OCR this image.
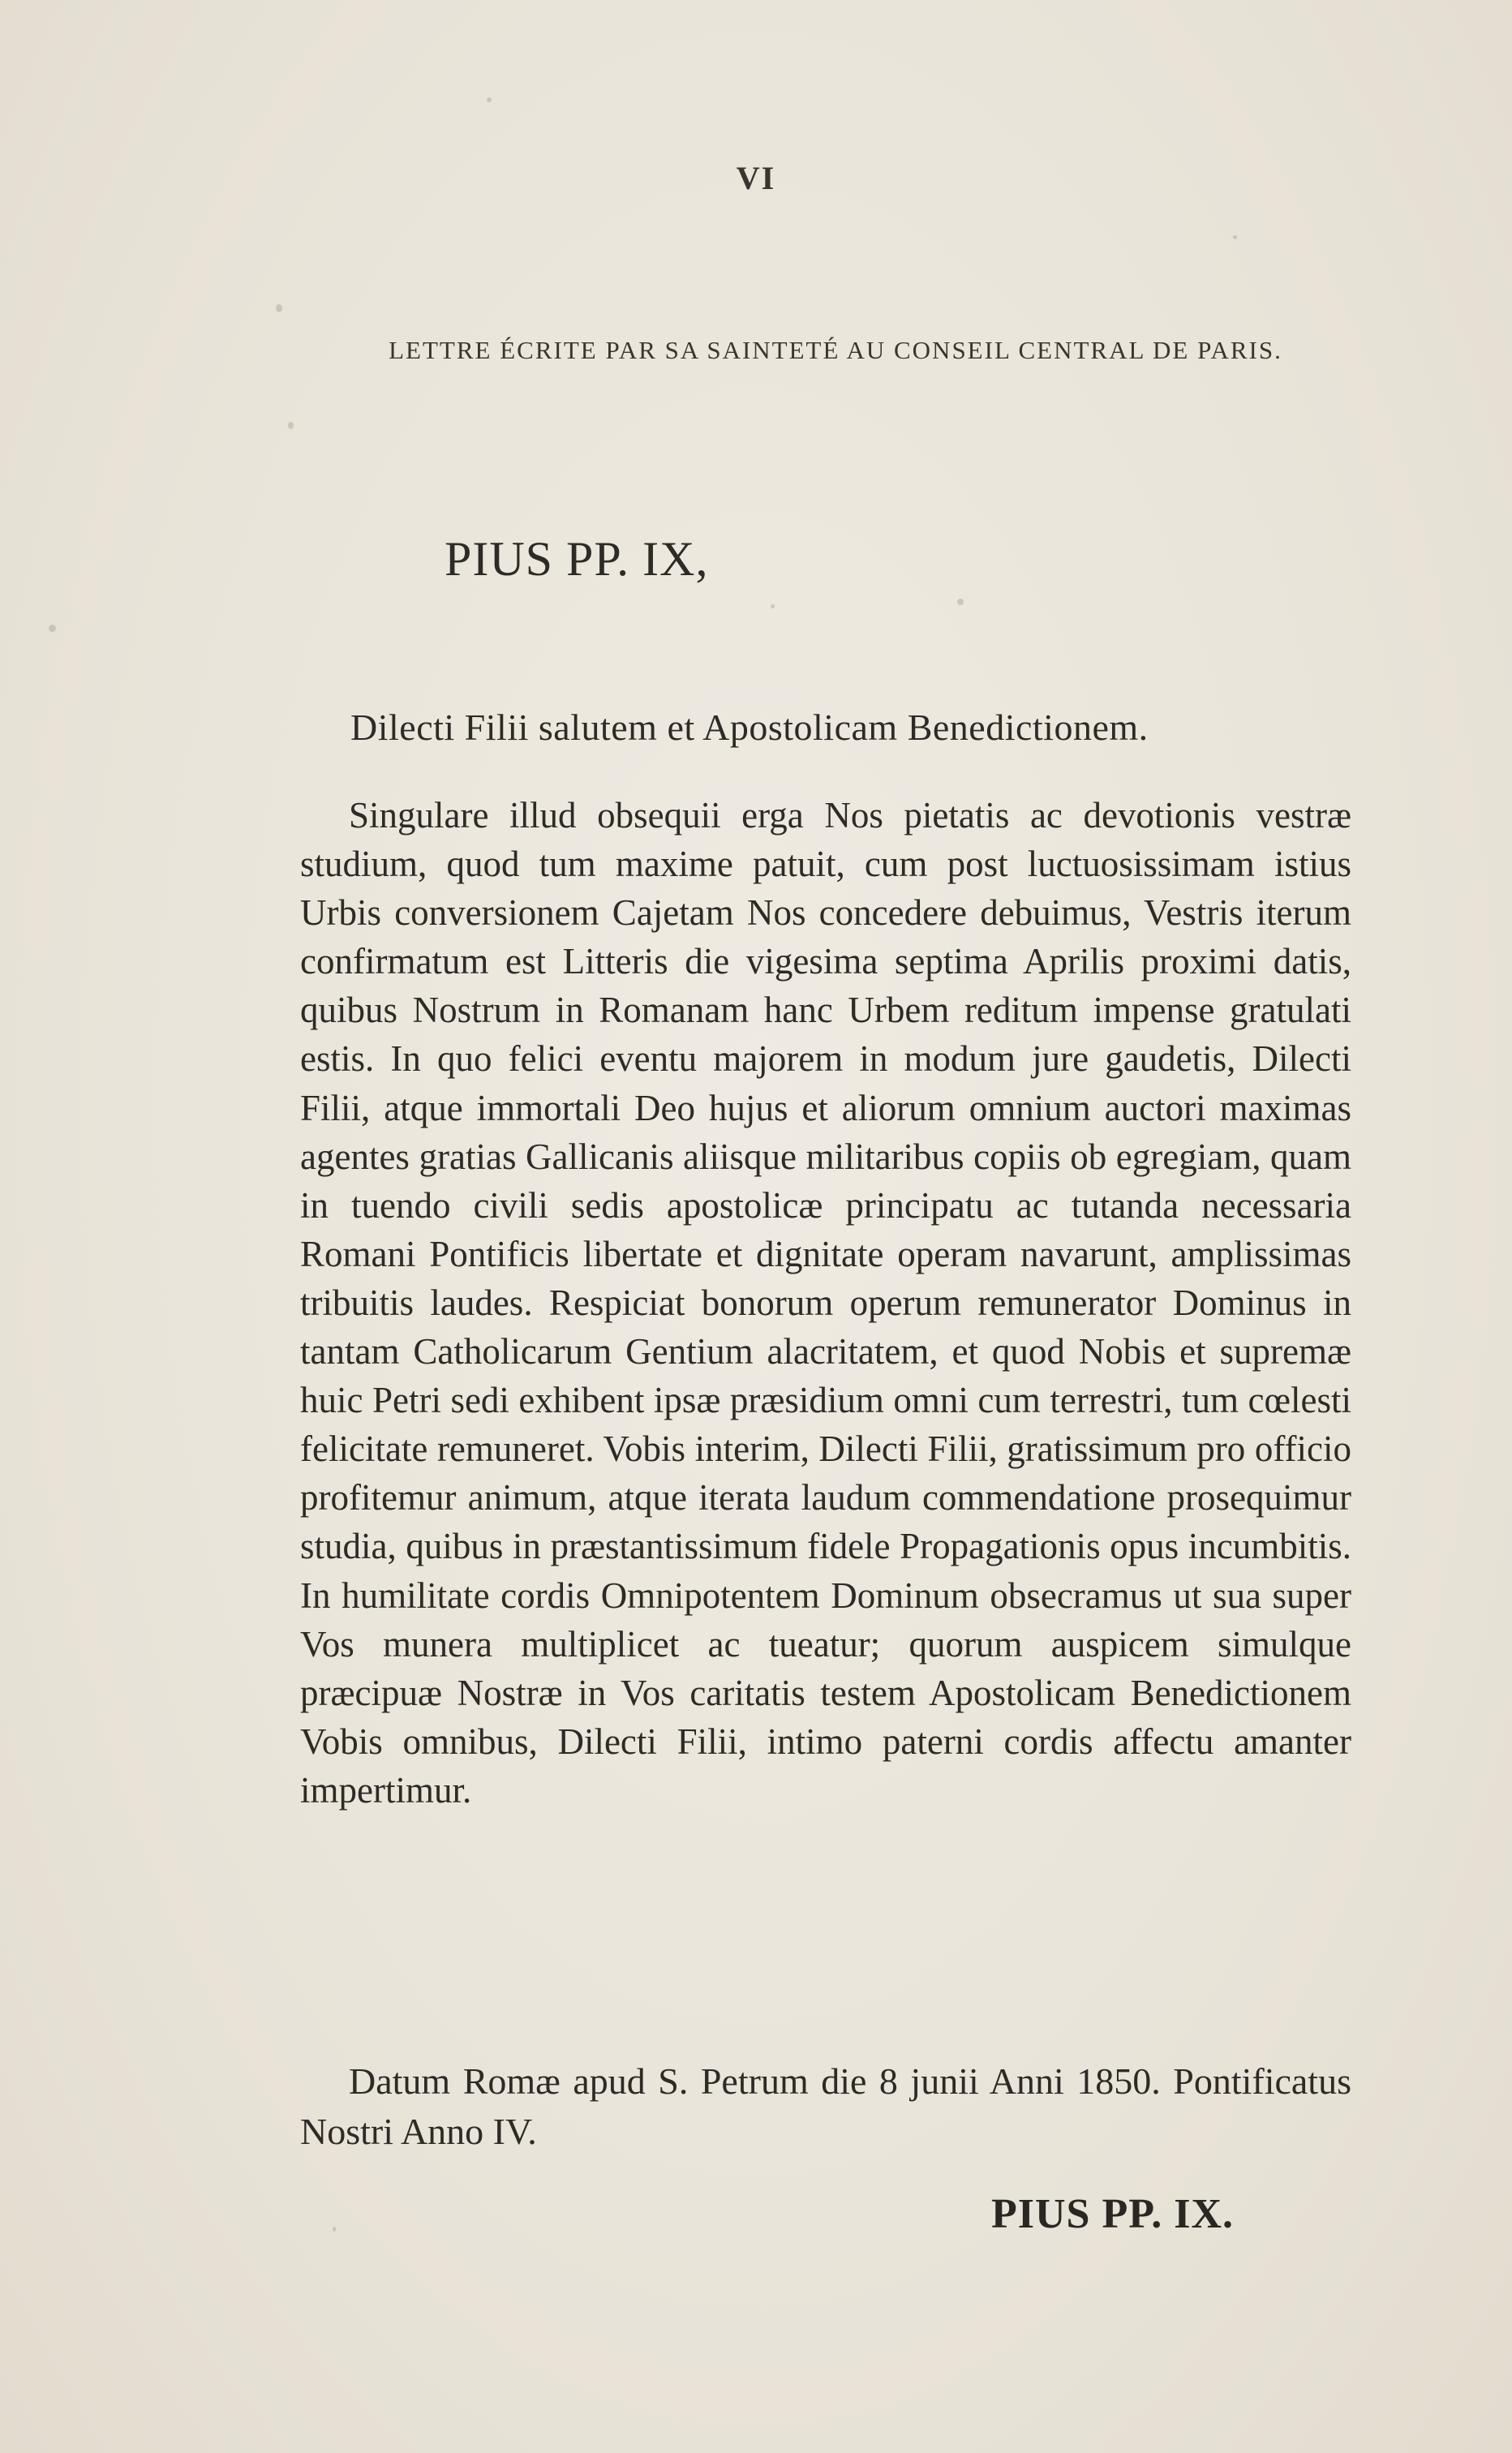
VI
LETTRE ÉCRITE PAR SA SAINTETÉ AU CONSEIL CENTRAL DE PARIS.
PIUS PP. IX,
Dilecti Filii salutem et Apostolicam Benedictionem.

Singulare illud obsequii erga Nos pietatis ac devotionis vestræ studium, quod tum maxime patuit, cum post luctuosissimam istius Urbis conversionem Cajetam Nos concedere debuimus, Vestris iterum confirmatum est Litteris die vigesima septima Aprilis proximi datis, quibus Nostrum in Romanam hanc Urbem reditum impense gratulati estis. In quo felici eventu majorem in modum jure gaudetis, Dilecti Filii, atque immortali Deo hujus et aliorum omnium auctori maximas agentes gratias Gallicanis aliisque militaribus copiis ob egregiam, quam in tuendo civili sedis apostolicæ principatu ac tutanda necessaria Romani Pontificis libertate et dignitate operam navarunt, amplissimas tribuitis laudes. Respiciat bonorum operum remunerator Dominus in tantam Catholicarum Gentium alacritatem, et quod Nobis et supremæ huic Petri sedi exhibent ipsæ præsidium omni cum terrestri, tum cœlesti felicitate remuneret. Vobis interim, Dilecti Filii, gratissimum pro officio profitemur animum, atque iterata laudum commendatione prosequimur studia, quibus in præstantissimum fidele Propagationis opus incumbitis. In humilitate cordis Omnipotentem Dominum obsecramus ut sua super Vos munera multiplicet ac tueatur; quorum auspicem simulque præcipuæ Nostræ in Vos caritatis testem Apostolicam Benedictionem Vobis omnibus, Dilecti Filii, intimo paterni cordis affectu amanter impertimur.

Datum Romæ apud S. Petrum die 8 junii Anni 1850. Pontificatus Nostri Anno IV.

PIUS PP. IX.
